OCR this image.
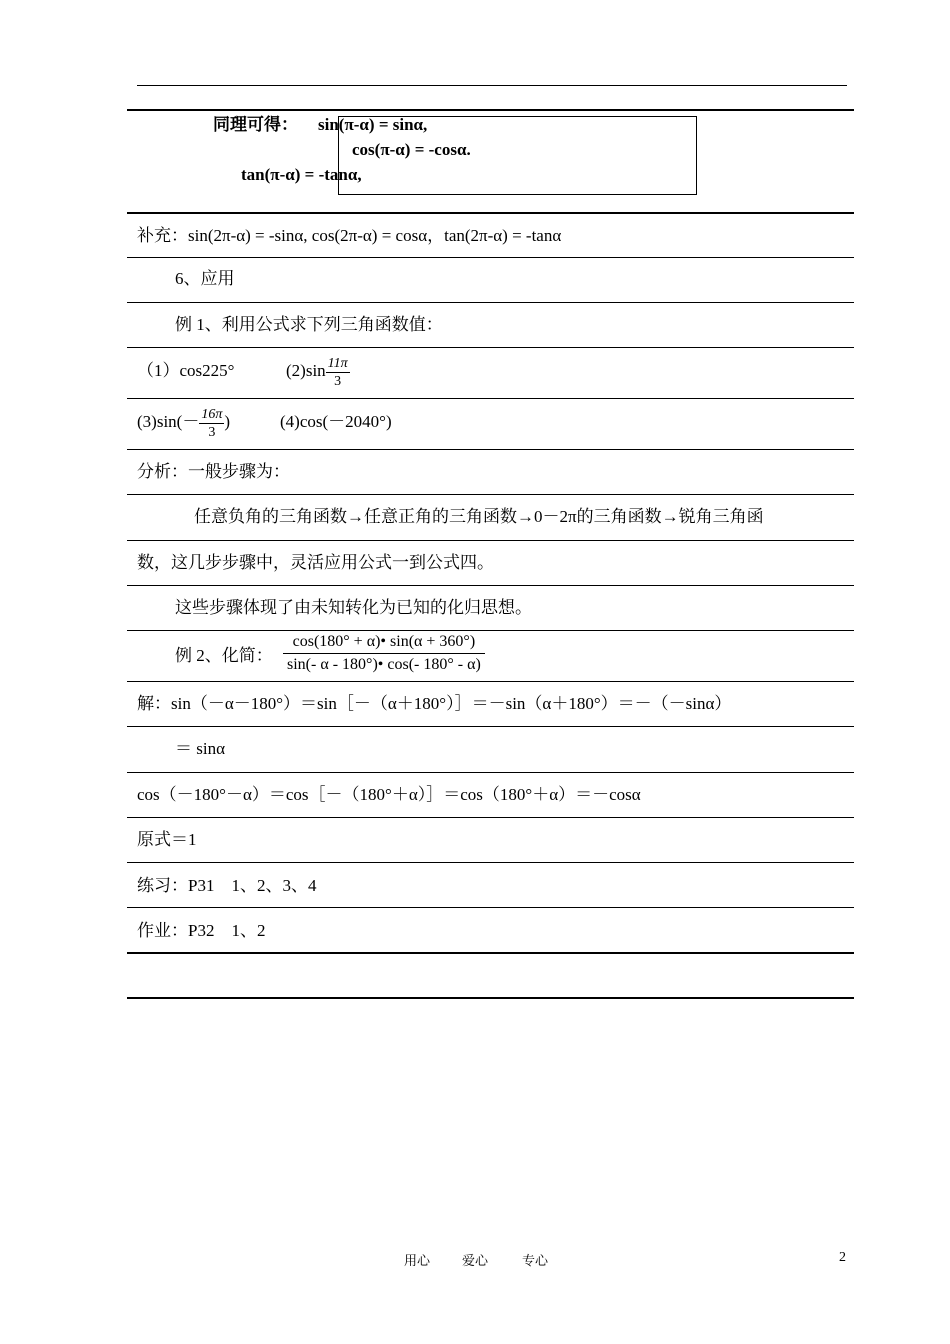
同理可得： sin(π-α) = sinα,
cos(π-α) = -cosα.
tan(π-α) = -tanα,
补充：sin(2π-α) = -sinα, cos(2π-α) = cosα，tan(2π-α) = -tanα
6、应用
例 1、利用公式求下列三角函数值：
（1）cos225°	$(2)\sin \frac{11\pi}{3}$
$(3)\sin(- \frac{16\pi}{3}$ )	(4)cos(－2040°)
分析：一般步骤为：
任意负角的三角函数→任意正角的三角函数→0－2π的三角函数→锐角三角函
数，这几步步骤中，灵活应用公式一到公式四。
这些步骤体现了由未知转化为已知的化归思想。
例 2、化简： $\frac{\cos(180^\circ + \alpha)• \sin(\alpha + 360^\circ)}{\sin(- \alpha - 180^\circ)• \cos(- 180^\circ - \alpha)}$
解：sin（－α－180°）＝sin［－（α＋180°）］＝－sin（α＋180°）＝－（－sinα）
＝ sinα
cos（－180°－α）＝cos［－（180°＋α）］＝cos（180°＋α）＝－cosα
原式＝1
练习：P31　1、2、3、4
作业：P32　1、2
用心 爱心	专心	2
